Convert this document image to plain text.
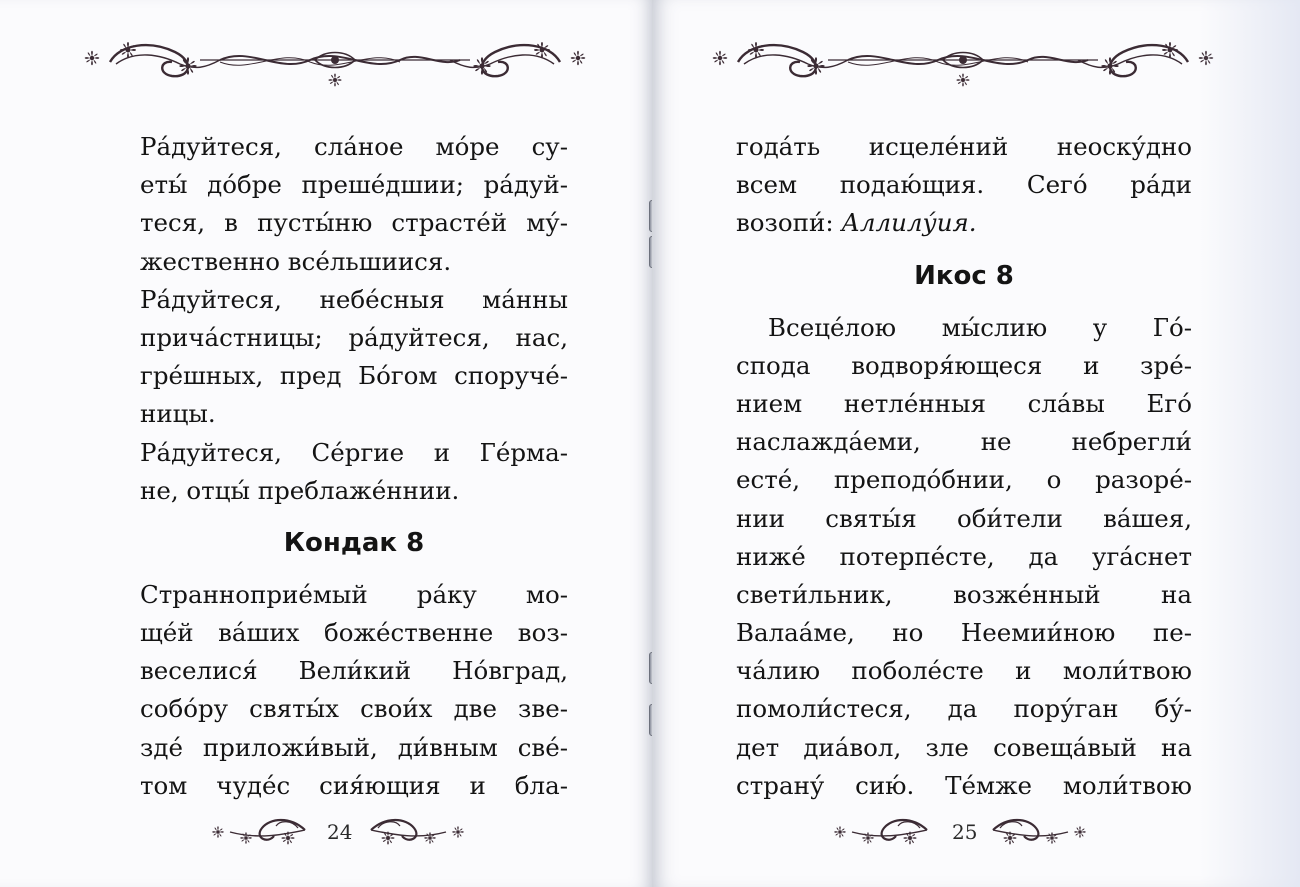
Ра́дуйтеся, сла́ное мо́ре су-
еты́ до́бре преше́дшии; ра́дуй-
теся, в пусты́ню страсте́й му́-
жественно все́льшиися.
Ра́дуйтеся, небе́сныя ма́нны
прича́стницы; ра́дуйтеся, нас,
гре́шных, пред Бо́гом споруче́-
ницы.
Ра́дуйтеся, Се́ргие и Ге́рма-
не, отцы́ преблаже́ннии.
Кондак 8
Странноприе́мый ра́ку мо-
ще́й ва́ших боже́ственне воз-
веселися́ Вели́кий Но́вград,
собо́ру святы́х свои́х две зве-
зде́ приложи́вый, ди́вным све́-
том чуде́с сия́ющия и бла-
24
года́ть исцеле́ний неоску́дно
всем подаю́щия. Сего́ ра́ди
возопи́: Аллилу́ия.
Икос 8
Всеце́лою мы́слию у Го́-
спода водворя́ющеся и зре́-
нием нетле́нныя сла́вы Его́
наслажда́еми, не небрегли́
есте́, преподо́бнии, о разоре́-
нии святы́я оби́тели ва́шея,
ниже́ потерпе́сте, да уга́снет
свети́льник, возже́нный на
Валаа́ме, но Неемии́ною пе-
ча́лию поболе́сте и моли́твою
помоли́стеся, да пору́ган бу́-
дет диа́вол, зле совеща́вый на
страну́ сию́. Те́мже моли́твою
25
